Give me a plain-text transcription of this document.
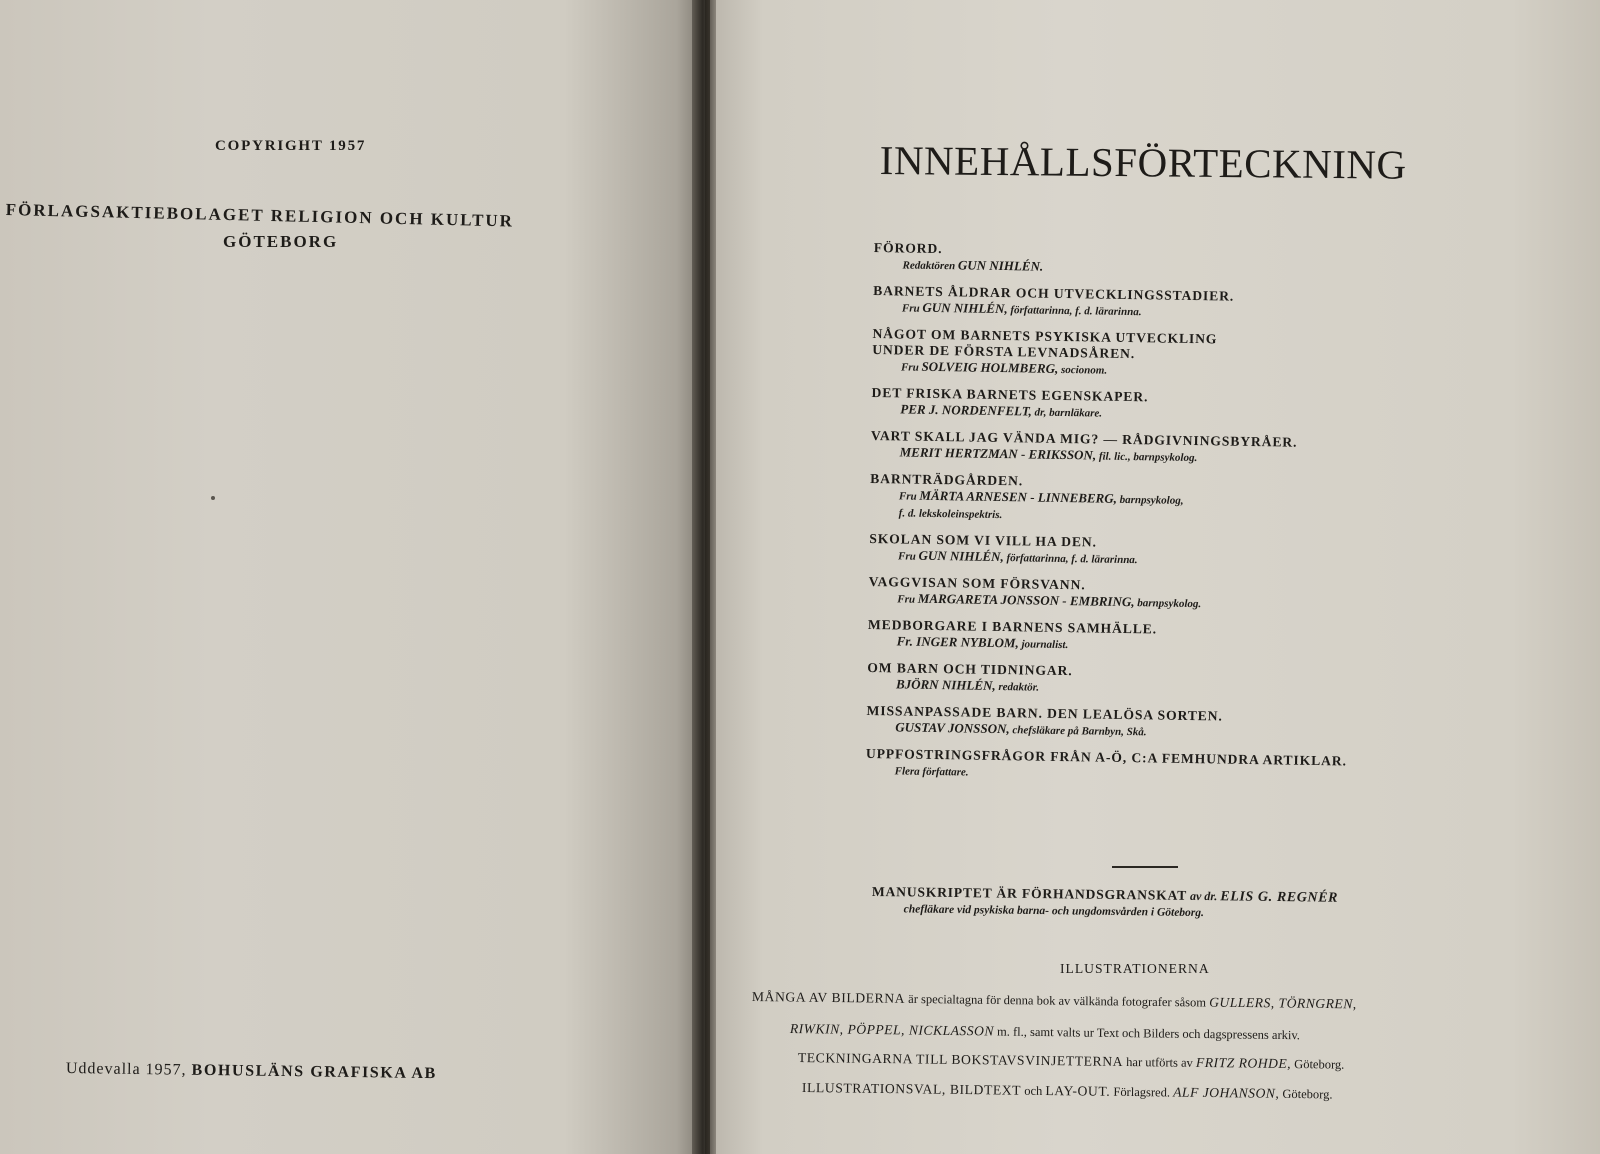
COPYRIGHT 1957
FÖRLAGSAKTIEBOLAGET RELIGION OCH KULTUR
GÖTEBORG
Uddevalla 1957, BOHUSLÄNS GRAFISKA AB
INNEHÅLLSFÖRTECKNING
FÖRORD.
Redaktören GUN NIHLÉN.
BARNETS ÅLDRAR OCH UTVECKLINGSSTADIER.
Fru GUN NIHLÉN, författarinna, f. d. lärarinna.
NÅGOT OM BARNETS PSYKISKA UTVECKLING
UNDER DE FÖRSTA LEVNADSÅREN.
Fru SOLVEIG HOLMBERG, socionom.
DET FRISKA BARNETS EGENSKAPER.
PER J. NORDENFELT, dr, barnläkare.
VART SKALL JAG VÄNDA MIG? — RÅDGIVNINGSBYRÅER.
MERIT HERTZMAN - ERIKSSON, fil. lic., barnpsykolog.
BARNTRÄDGÅRDEN.
Fru MÄRTA ARNESEN - LINNEBERG, barnpsykolog,
f. d. lekskoleinspektris.
SKOLAN SOM VI VILL HA DEN.
Fru GUN NIHLÉN, författarinna, f. d. lärarinna.
VAGGVISAN SOM FÖRSVANN.
Fru MARGARETA JONSSON - EMBRING, barnpsykolog.
MEDBORGARE I BARNENS SAMHÄLLE.
Fr. INGER NYBLOM, journalist.
OM BARN OCH TIDNINGAR.
BJÖRN NIHLÉN, redaktör.
MISSANPASSADE BARN. DEN LEALÖSA SORTEN.
GUSTAV JONSSON, chefsläkare på Barnbyn, Skå.
UPPFOSTRINGSFRÅGOR FRÅN A-Ö, C:A FEMHUNDRA ARTIKLAR.
Flera författare.
MANUSKRIPTET ÄR FÖRHANDSGRANSKAT av dr. ELIS G. REGNÉR
chefläkare vid psykiska barna- och ungdomsvården i Göteborg.
ILLUSTRATIONERNA
MÅNGA AV BILDERNA är specialtagna för denna bok av välkända fotografer såsom GULLERS, TÖRNGREN,
RIWKIN, PÖPPEL, NICKLASSON m. fl., samt valts ur Text och Bilders och dagspressens arkiv.
TECKNINGARNA TILL BOKSTAVSVINJETTERNA har utförts av FRITZ ROHDE, Göteborg.
ILLUSTRATIONSVAL, BILDTEXT och LAY-OUT. Förlagsred. ALF JOHANSON, Göteborg.
